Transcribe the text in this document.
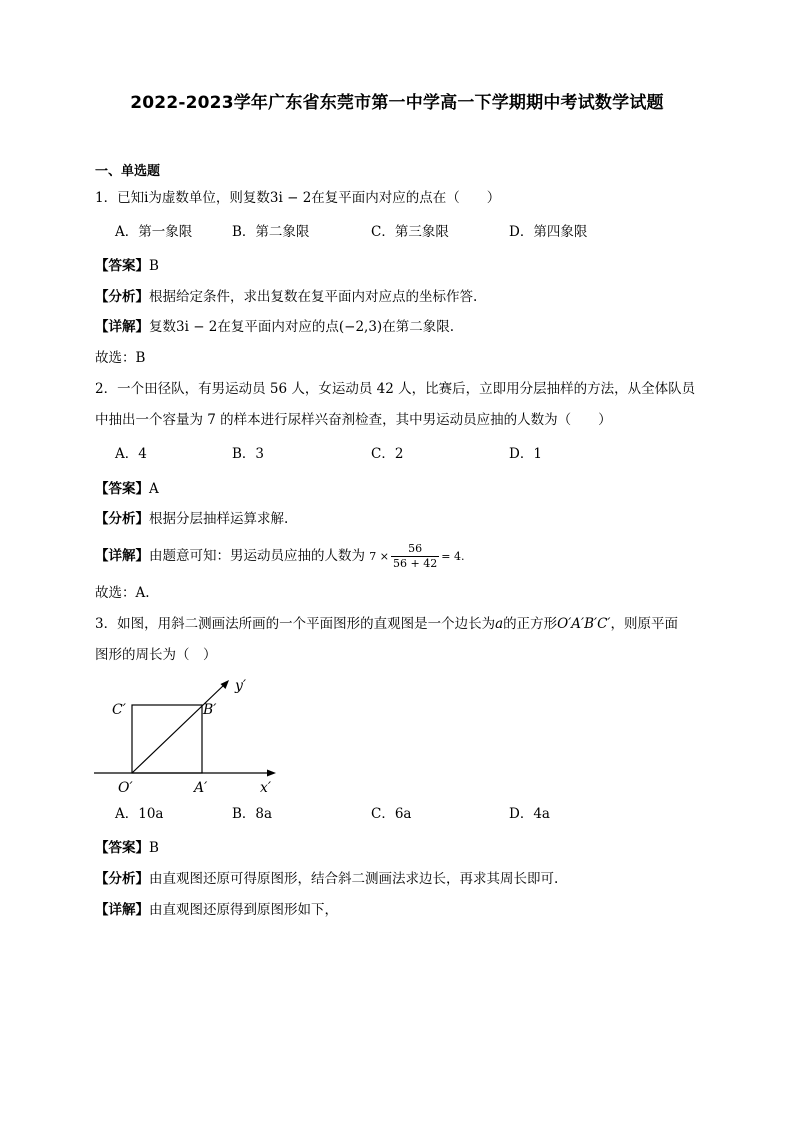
2022-2023学年广东省东莞市第一中学高一下学期期中考试数学试题
一、单选题
1．已知i为虚数单位，则复数3i − 2在复平面内对应的点在（　　）
A．第一象限	B．第二象限	C．第三象限	D．第四象限
【答案】B
【分析】根据给定条件，求出复数在复平面内对应点的坐标作答.
【详解】复数3i − 2在复平面内对应的点(−2,3)在第二象限.
故选：B
2．一个田径队，有男运动员 56 人，女运动员 42 人，比赛后，立即用分层抽样的方法，从全体队员
中抽出一个容量为 7 的样本进行尿样兴奋剂检查，其中男运动员应抽的人数为（　　）
A．4	B．3	C．2	D．1
【答案】A
【分析】根据分层抽样运算求解.
【详解】由题意可知：男运动员应抽的人数为 $7 \times \frac{56}{56 + 42} = 4$.
故选：A.
3．如图，用斜二测画法所画的一个平面图形的直观图是一个边长为a的正方形O′A′B′C′，则原平面
图形的周长为（　）
C′	B′
O′	A′	x′
y′
A．10a	B．8a	C．6a	D．4a
【答案】B
【分析】由直观图还原可得原图形，结合斜二测画法求边长，再求其周长即可.
【详解】由直观图还原得到原图形如下，
